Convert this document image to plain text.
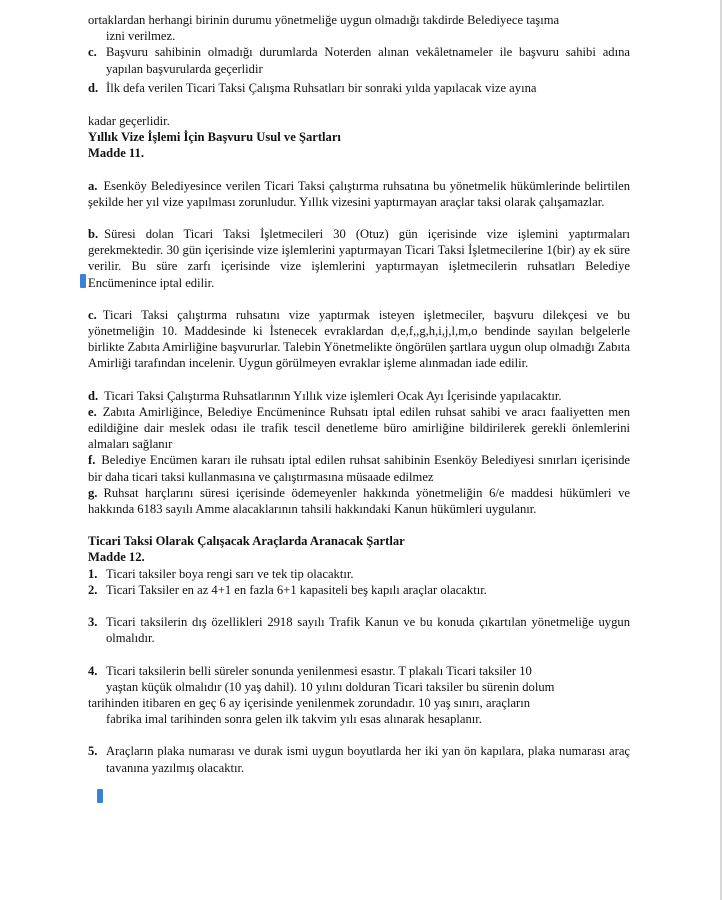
ortaklardan herhangi birinin durumu yönetmeliğe uygun olmadığı takdirde Belediyece taşıma

izni verilmez.

c. Başvuru sahibinin olmadığı durumlarda Noterden alınan vekâletnameler ile başvuru sahibi adına yapılan başvurularda geçerlidir
d. İlk defa verilen Ticari Taksi Çalışma Ruhsatları bir sonraki yılda yapılacak vize ayına

kadar geçerlidir.

Yıllık Vize İşlemi İçin Başvuru Usul ve Şartları

Madde 11.

a. Esenköy Belediyesince verilen Ticari Taksi çalıştırma ruhsatına bu yönetmelik hükümlerinde belirtilen şekilde her yıl vize yapılması zorunludur. Yıllık vizesini yaptırmayan araçlar taksi olarak çalışamazlar.

b. Süresi dolan Ticari Taksi İşletmecileri 30 (Otuz) gün içerisinde vize işlemini yaptırmaları gerekmektedir. 30 gün içerisinde vize işlemlerini yaptırmayan Ticari Taksi İşletmecilerine 1(bir) ay ek süre verilir. Bu süre zarfı içerisinde vize işlemlerini yaptırmayan işletmecilerin ruhsatları Belediye Encümenince iptal edilir.

c. Ticari Taksi çalıştırma ruhsatını vize yaptırmak isteyen işletmeciler, başvuru dilekçesi ve bu yönetmeliğin 10. Maddesinde ki İstenecek evraklardan d,e,f,,g,h,i,j,l,m,o bendinde sayılan belgelerle birlikte Zabıta Amirliğine başvururlar. Talebin Yönetmelikte öngörülen şartlara uygun olup olmadığı Zabıta Amirliği tarafından incelenir. Uygun görülmeyen evraklar işleme alınmadan iade edilir.

d. Ticari Taksi Çalıştırma Ruhsatlarının Yıllık vize işlemleri Ocak Ayı İçerisinde yapılacaktır.

e. Zabıta Amirliğince, Belediye Encümenince Ruhsatı iptal edilen ruhsat sahibi ve aracı faaliyetten men edildiğine dair meslek odası ile trafik tescil denetleme büro amirliğine bildirilerek gerekli önlemlerini almaları sağlanır

f. Belediye Encümen kararı ile ruhsatı iptal edilen ruhsat sahibinin Esenköy Belediyesi sınırları içerisinde bir daha ticari taksi kullanmasına ve çalıştırmasına müsaade edilmez

g. Ruhsat harçlarını süresi içerisinde ödemeyenler hakkında yönetmeliğin 6/e maddesi hükümleri ve hakkında 6183 sayılı Amme alacaklarının tahsili hakkındaki Kanun hükümleri uygulanır.

Ticari Taksi Olarak Çalışacak Araçlarda Aranacak Şartlar

Madde 12.

1. Ticari taksiler boya rengi sarı ve tek tip olacaktır.
2. Ticari Taksiler en az 4+1 en fazla 6+1 kapasiteli beş kapılı araçlar olacaktır.
3. Ticari taksilerin dış özellikleri 2918 sayılı Trafik Kanun ve bu konuda çıkartılan yönetmeliğe uygun olmalıdır.
4. Ticari taksilerin belli süreler sonunda yenilenmesi esastır. T plakalı Ticari taksiler 10

yaştan küçük olmalıdır (10 yaş dahil). 10 yılını dolduran Ticari taksiler bu sürenin dolum

tarihinden itibaren en geç 6 ay içerisinde yenilenmek zorundadır. 10 yaş sınırı, araçların

fabrika imal tarihinden sonra gelen ilk takvim yılı esas alınarak hesaplanır.

5. Araçların plaka numarası ve durak ismi uygun boyutlarda her iki yan ön kapılara, plaka numarası araç tavanına yazılmış olacaktır.
